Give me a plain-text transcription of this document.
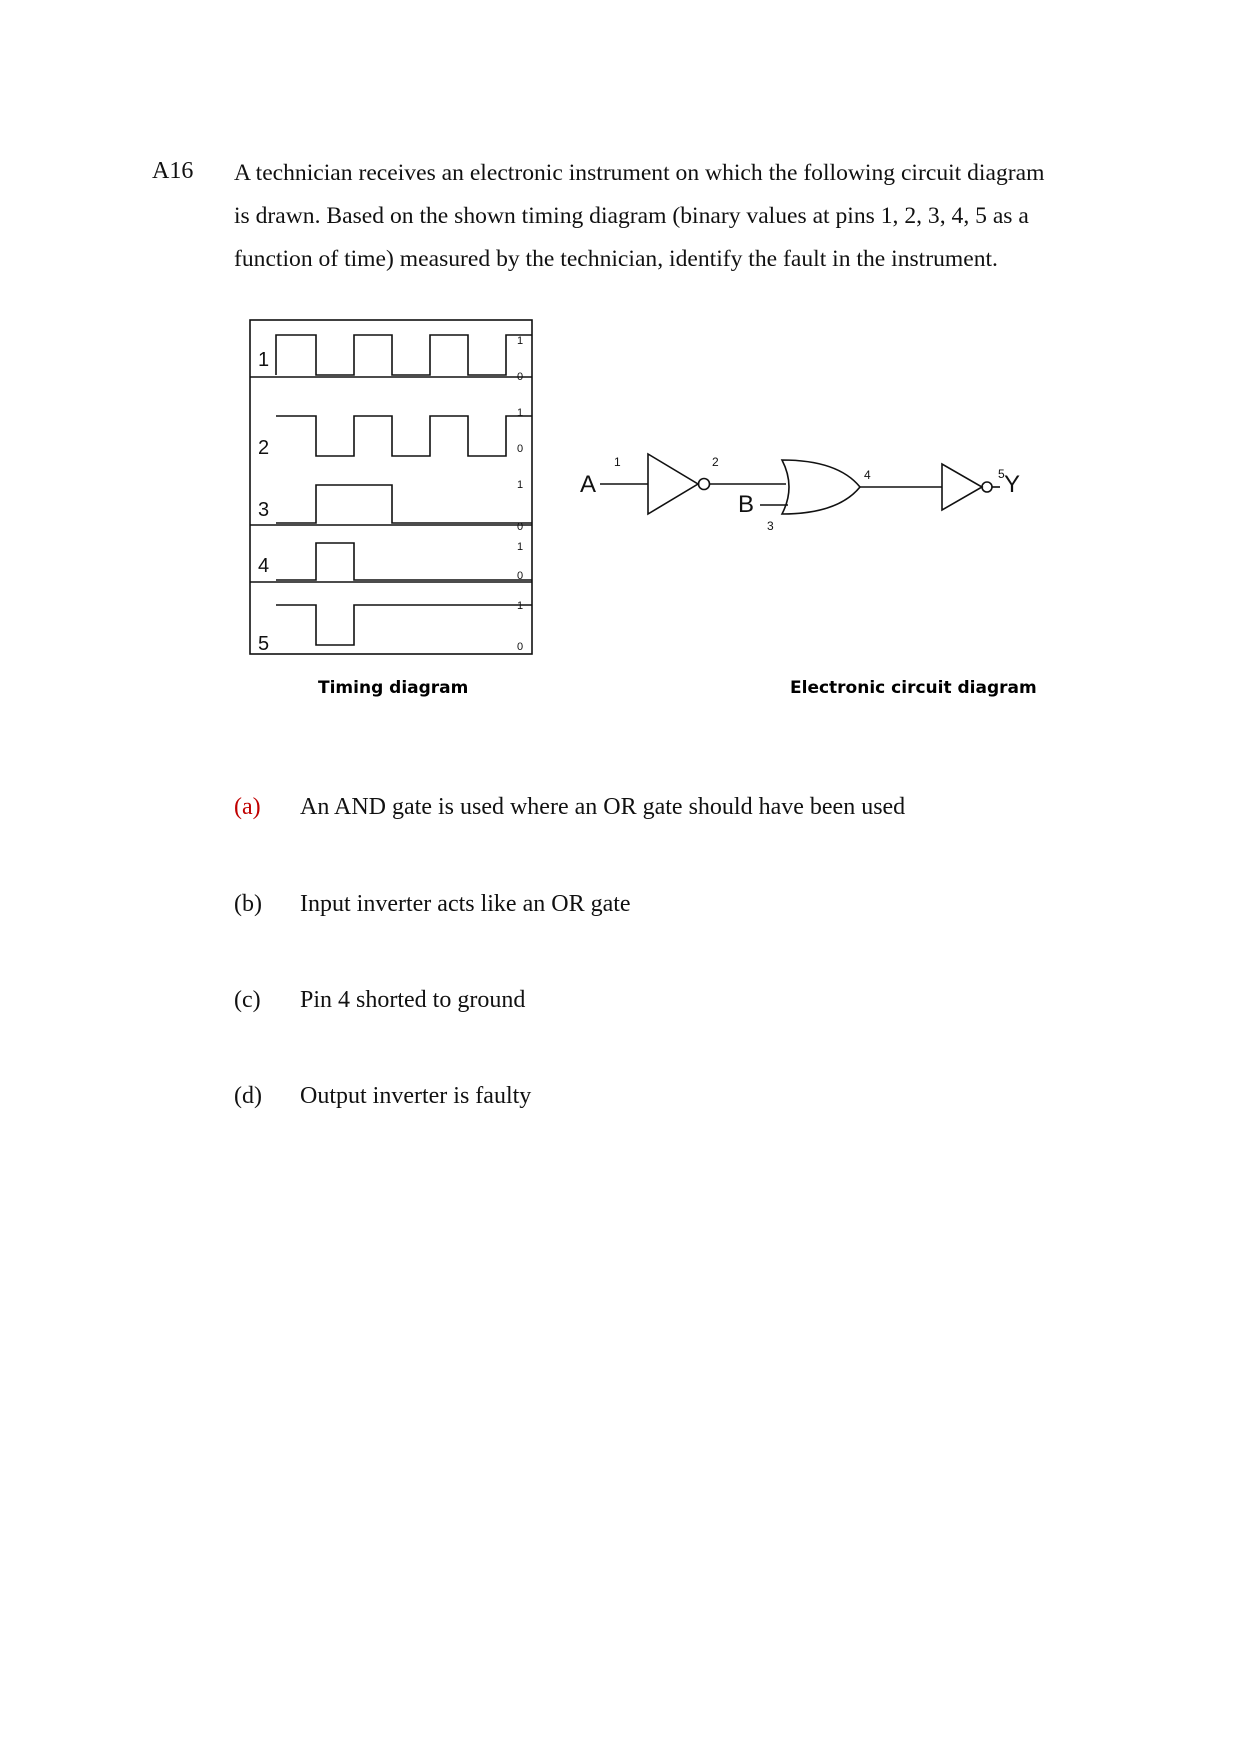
A16 A technician receives an electronic instrument on which the following circuit diagram
is drawn. Based on the shown timing diagram (binary values at pins 1, 2, 3, 4, 5 as a
function of time) measured by the technician, identify the fault in the instrument.
1
2
3
4
5
1
0
1
0
1
0
1
0
1
0
Timing diagram
A
B
Y
1	2
3
4	5
Electronic circuit diagram
(a) An AND gate is used where an OR gate should have been used
(b) Input inverter acts like an OR gate
(c) Pin 4 shorted to ground
(d) Output inverter is faulty
